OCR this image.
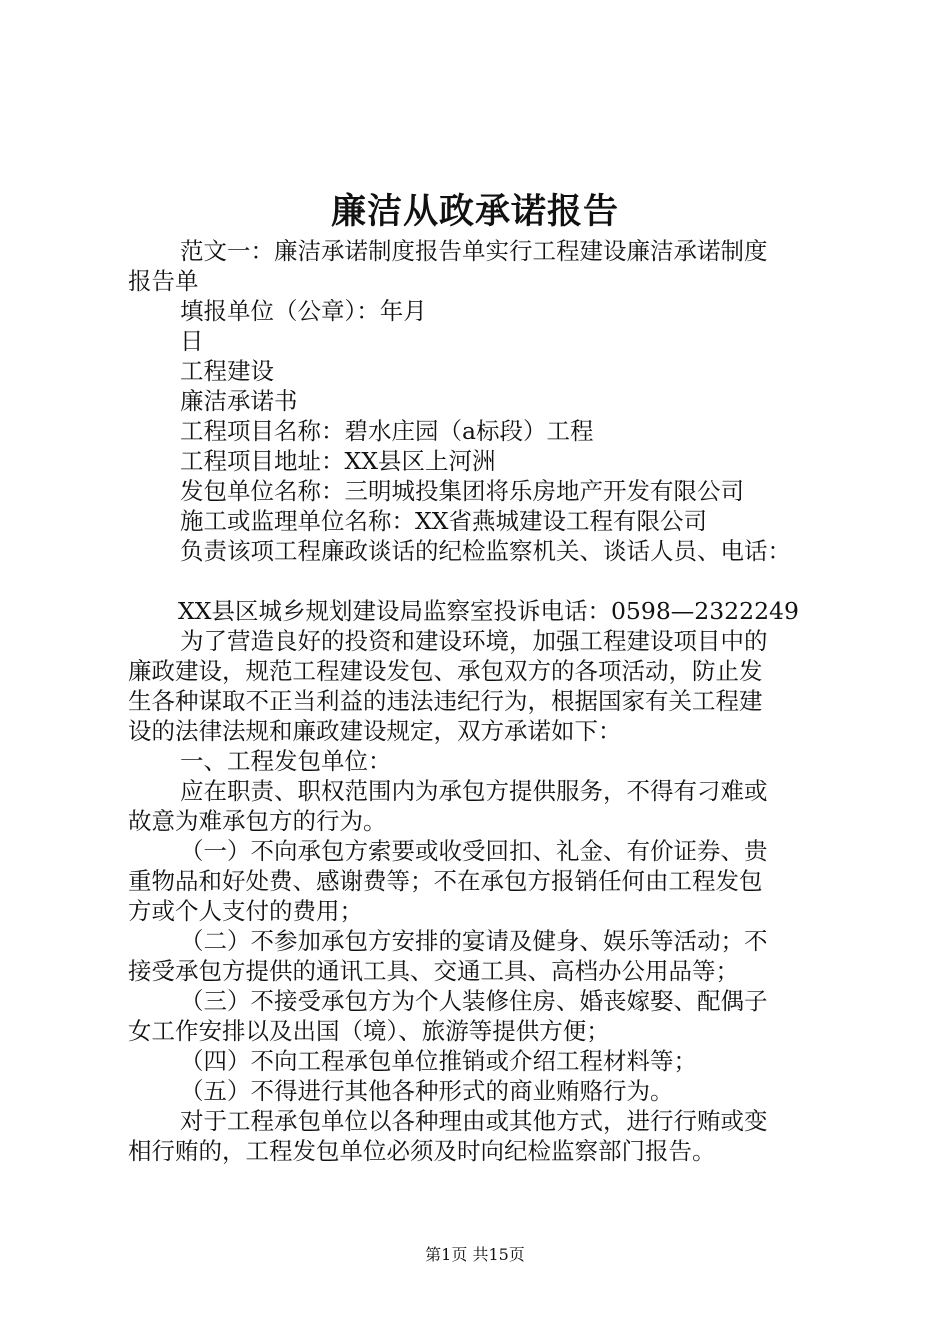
廉洁从政承诺报告

范文一：廉洁承诺制度报告单实行工程建设廉洁承诺制度

报告单

填报单位（公章）：年月

日

工程建设

廉洁承诺书

工程项目名称：碧水庄园（a标段）工程

工程项目地址：XX县区上河洲

发包单位名称：三明城投集团将乐房地产开发有限公司

施工或监理单位名称：XX省燕城建设工程有限公司

负责该项工程廉政谈话的纪检监察机关、谈话人员、电话：

XX县区城乡规划建设局监察室投诉电话：0598—2322249

为了营造良好的投资和建设环境，加强工程建设项目中的

廉政建设，规范工程建设发包、承包双方的各项活动，防止发

生各种谋取不正当利益的违法违纪行为，根据国家有关工程建

设的法律法规和廉政建设规定，双方承诺如下：

一、工程发包单位：

应在职责、职权范围内为承包方提供服务，不得有刁难或

故意为难承包方的行为。

（一）不向承包方索要或收受回扣、礼金、有价证券、贵

重物品和好处费、感谢费等；不在承包方报销任何由工程发包

方或个人支付的费用；

（二）不参加承包方安排的宴请及健身、娱乐等活动；不

接受承包方提供的通讯工具、交通工具、高档办公用品等；

（三）不接受承包方为个人装修住房、婚丧嫁娶、配偶子

女工作安排以及出国（境）、旅游等提供方便；

（四）不向工程承包单位推销或介绍工程材料等；

（五）不得进行其他各种形式的商业贿赂行为。

对于工程承包单位以各种理由或其他方式，进行行贿或变

相行贿的，工程发包单位必须及时向纪检监察部门报告。

第1页 共15页
